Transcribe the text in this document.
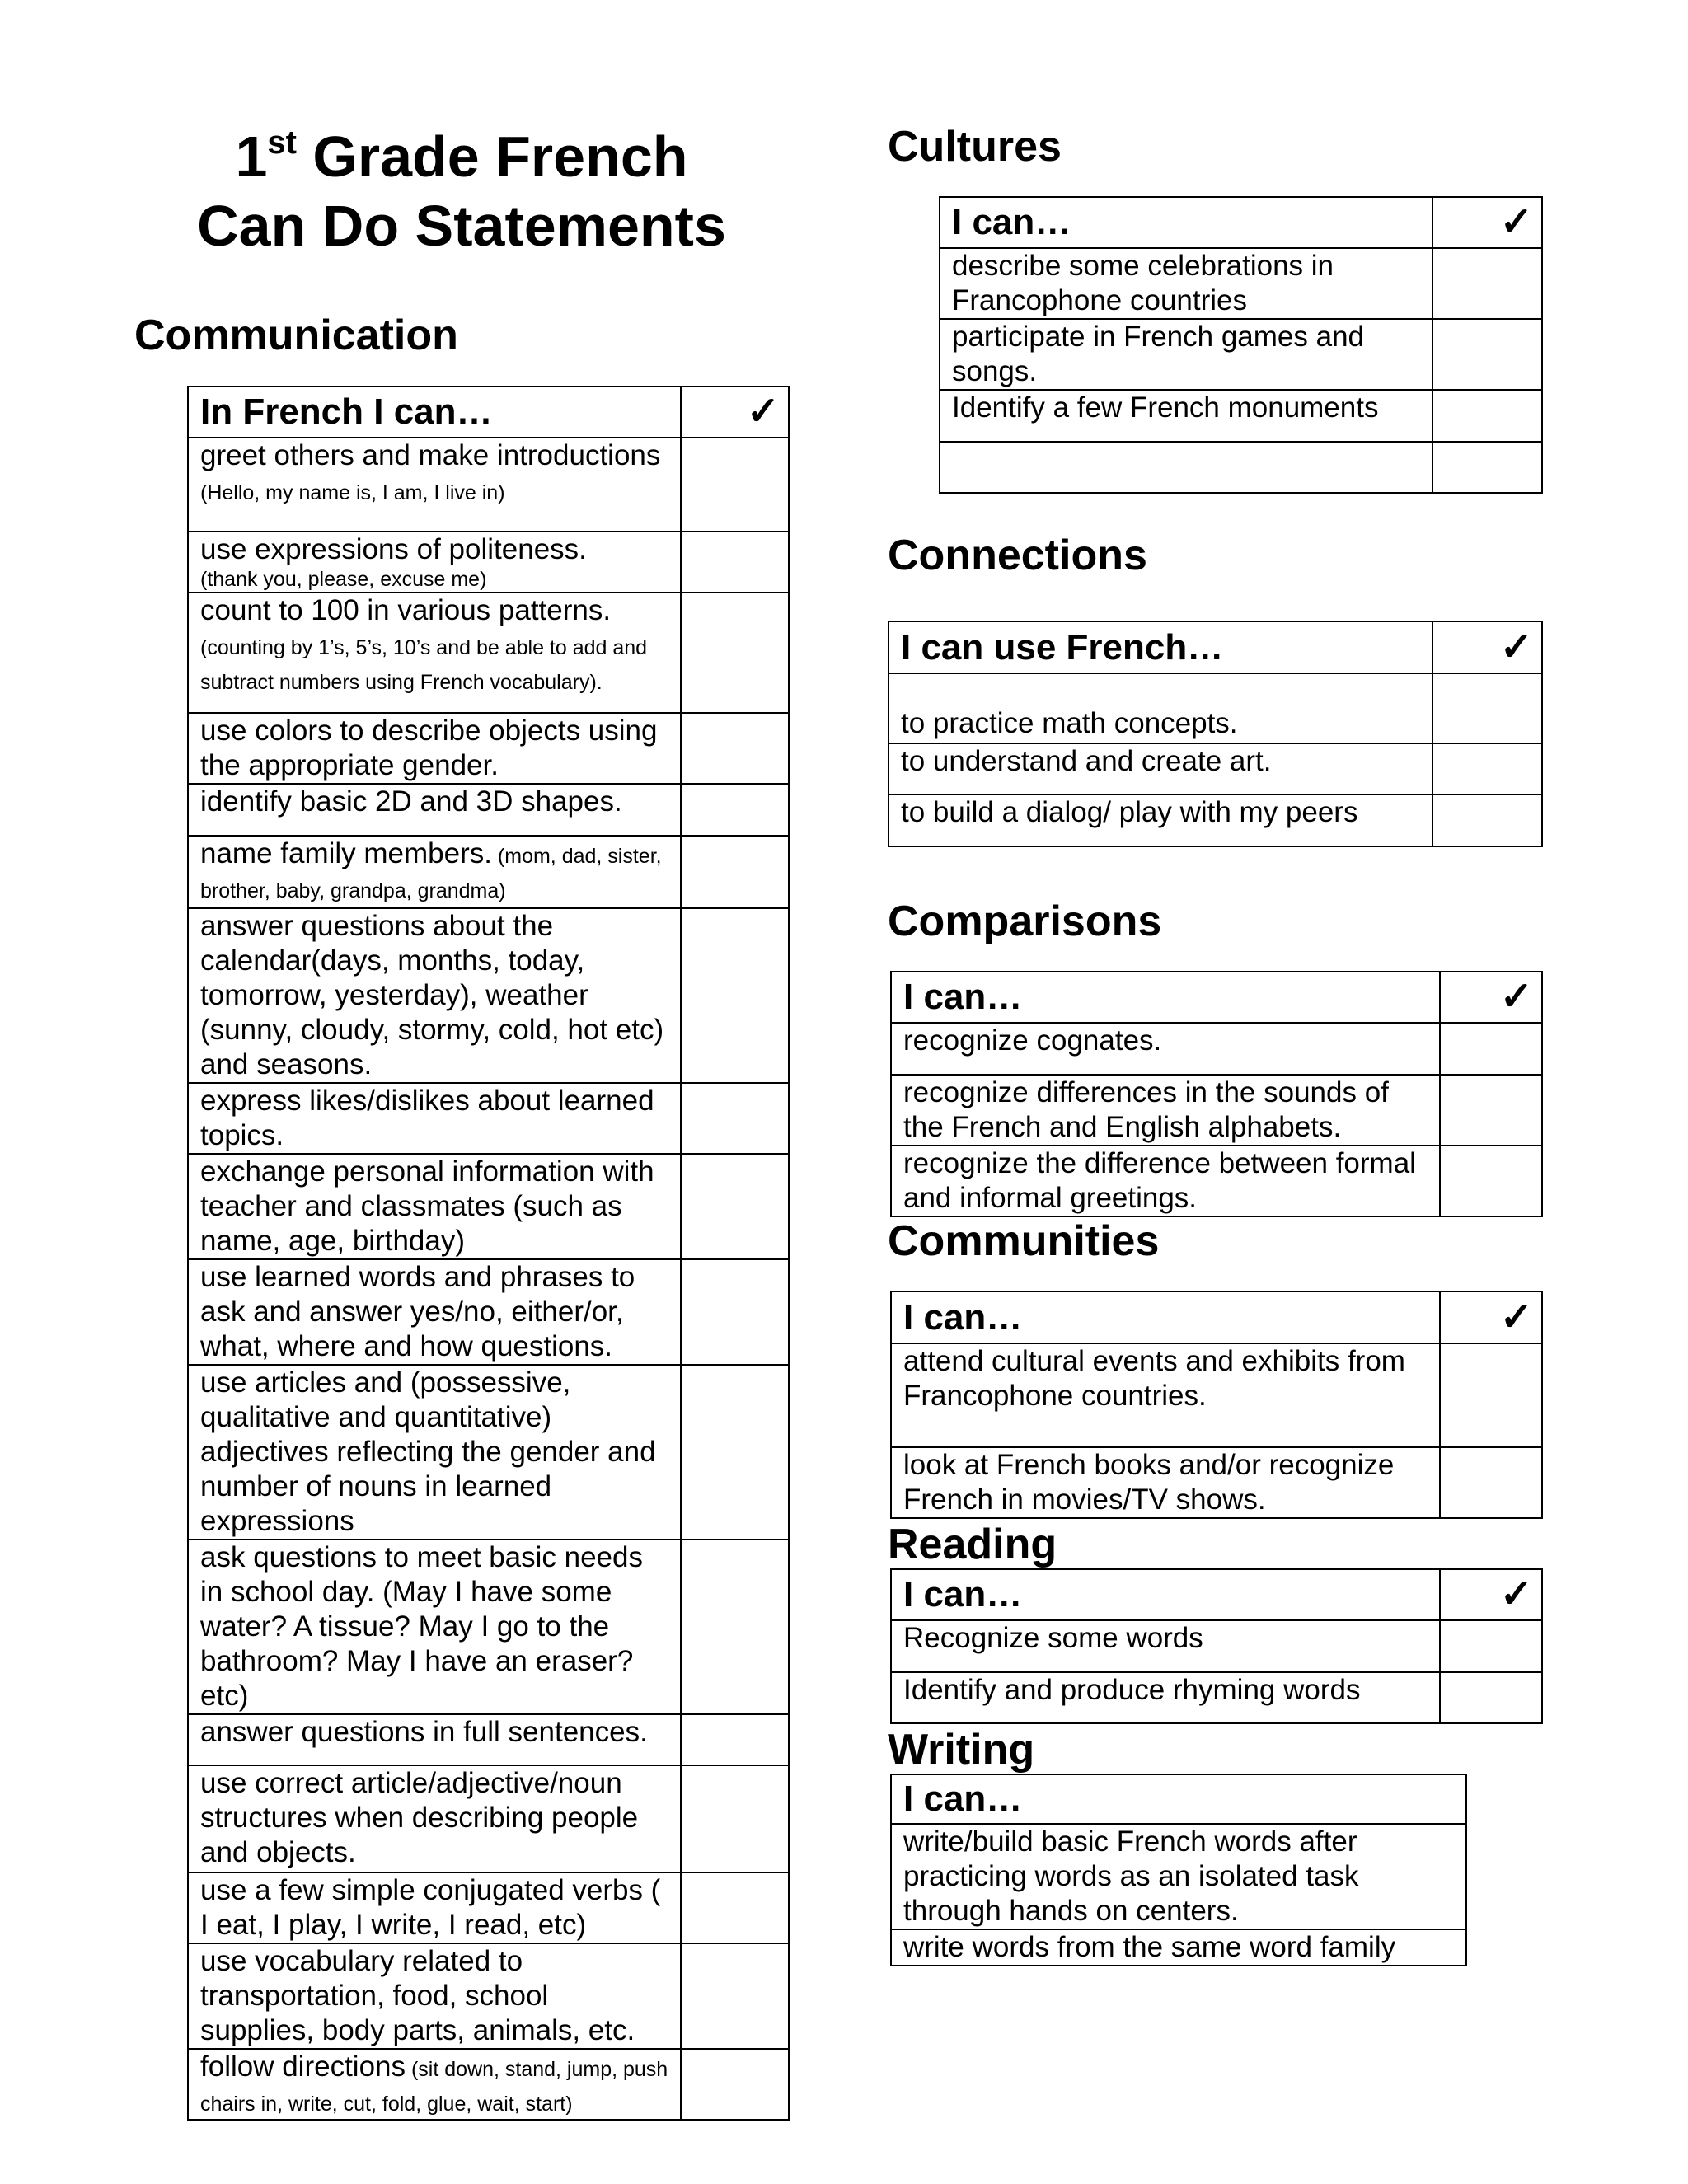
1st Grade French
Can Do Statements
Communication
In French I can…	✓
greet others and make introductions (Hello, my name is, I am, I live in)	

use expressions of politeness.
(thank you, please, excuse me)	

count to 100 in various patterns.(counting by 1’s, 5’s, 10’s and be able to add and subtract numbers using French vocabulary).	
use colors to describe objects using the appropriate gender.	
identify basic 2D and 3D shapes.	
name family members. (mom, dad, sister, brother, baby, grandpa, grandma)	
answer questions about the calendar(days, months, today, tomorrow, yesterday), weather (sunny, cloudy, stormy, cold, hot etc) and seasons.	
express likes/dislikes about learned topics.	
exchange personal information with teacher and classmates (such as name, age, birthday)	
use learned words and phrases to ask and answer yes/no, either/or, what, where and how questions.	
use articles and (possessive, qualitative and quantitative) adjectives reflecting the gender and number of nouns in learned expressions	
ask questions to meet basic needs in school day. (May I have some water? A tissue? May I go to the bathroom? May I have an eraser? etc)	
answer questions in full sentences.	
use correct article/adjective/noun structures when describing people and objects.	
use a few simple conjugated verbs ( I eat, I play, I write, I read, etc)	
use vocabulary related to transportation, food, school supplies, body parts, animals, etc.	
follow directions (sit down, stand, jump, push chairs in, write, cut, fold, glue, wait, start)	
Cultures
I can…	✓
describe some celebrations in Francophone countries	
participate in French games and songs.	
Identify a few French monuments	

Connections
I can use French…	✓
to practice math concepts.	
to understand and create art.	
to build a dialog/ play with my peers	
Comparisons
I can…	✓
recognize cognates.	
recognize differences in the sounds of the French and English alphabets.	
recognize the difference between formal and informal greetings.	
Communities
I can…	✓
attend cultural events and exhibits from Francophone countries.	
look at French books and/or recognize French in movies/TV shows.	
Reading
I can…	✓
Recognize some words	
Identify and produce rhyming words	
Writing
I can…
write/build basic French words after practicing words as an isolated task through hands on centers.
write words from the same word family
